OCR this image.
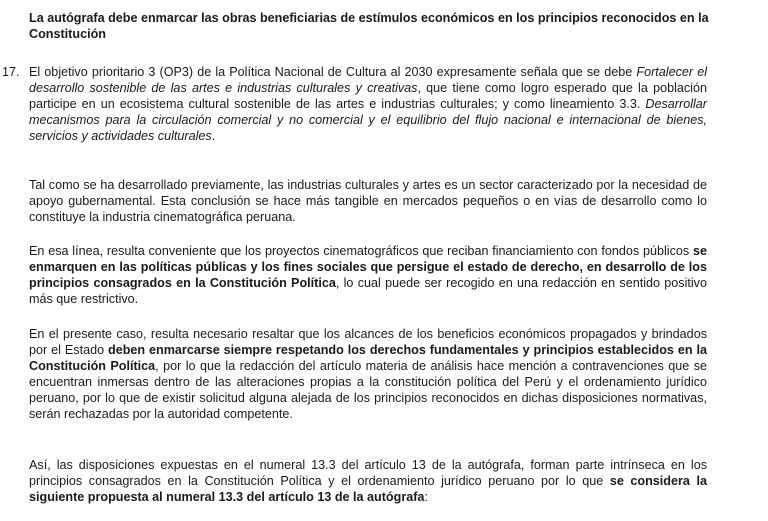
La autógrafa debe enmarcar las obras beneficiarias de estímulos económicos en los principios reconocidos en la Constitución
17. El objetivo prioritario 3 (OP3) de la Política Nacional de Cultura al 2030 expresamente señala que se debe Fortalecer el desarrollo sostenible de las artes e industrias culturales y creativas, que tiene como logro esperado que la población participe en un ecosistema cultural sostenible de las artes e industrias culturales; y como lineamiento 3.3. Desarrollar mecanismos para la circulación comercial y no comercial y el equilibrio del flujo nacional e internacional de bienes, servicios y actividades culturales.
Tal como se ha desarrollado previamente, las industrias culturales y artes es un sector caracterizado por la necesidad de apoyo gubernamental. Esta conclusión se hace más tangible en mercados pequeños o en vías de desarrollo como lo constituye la industria cinematográfica peruana.
En esa línea, resulta conveniente que los proyectos cinematográficos que reciban financiamiento con fondos públicos se enmarquen en las políticas públicas y los fines sociales que persigue el estado de derecho, en desarrollo de los principios consagrados en la Constitución Política, lo cual puede ser recogido en una redacción en sentido positivo más que restrictivo.
En el presente caso, resulta necesario resaltar que los alcances de los beneficios económicos propagados y brindados por el Estado deben enmarcarse siempre respetando los derechos fundamentales y principios establecidos en la Constitución Política, por lo que la redacción del artículo materia de análisis hace mención a contravenciones que se encuentran inmersas dentro de las alteraciones propias a la constitución política del Perú y el ordenamiento jurídico peruano, por lo que de existir solicitud alguna alejada de los principios reconocidos en dichas disposiciones normativas, serán rechazadas por la autoridad competente.
Así, las disposiciones expuestas en el numeral 13.3 del artículo 13 de la autógrafa, forman parte intrínseca en los principios consagrados en la Constitución Política y el ordenamiento jurídico peruano por lo que se considera la siguiente propuesta al numeral 13.3 del artículo 13 de la autógrafa:
